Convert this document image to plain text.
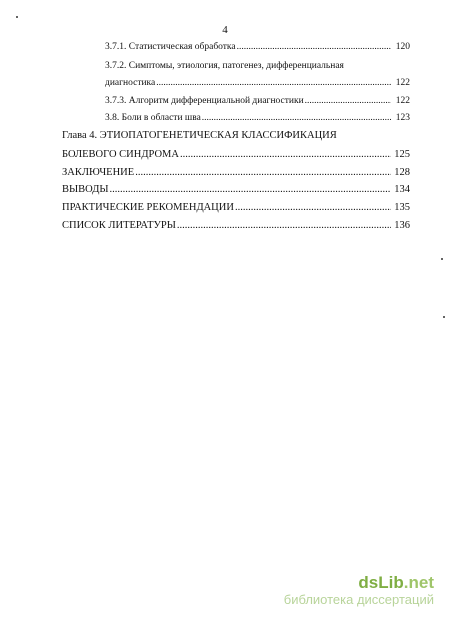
4
3.7.1. Статистическая обработка .....	120
3.7.2. Симптомы, этиология, патогенез, дифференциальная
диагностика .....	122
3.7.3. Алгоритм дифференциальной диагностики .....	122
3.8. Боли в области шва .....	123
Глава 4. ЭТИОПАТОГЕНЕТИЧЕСКАЯ КЛАССИФИКАЦИЯ
БОЛЕВОГО СИНДРОМА .....	125
ЗАКЛЮЧЕНИЕ .....	128
ВЫВОДЫ .....	134
ПРАКТИЧЕСКИЕ РЕКОМЕНДАЦИИ .....	135
СПИСОК ЛИТЕРАТУРЫ .....	136
dsLib.net
библиотека диссертаций
